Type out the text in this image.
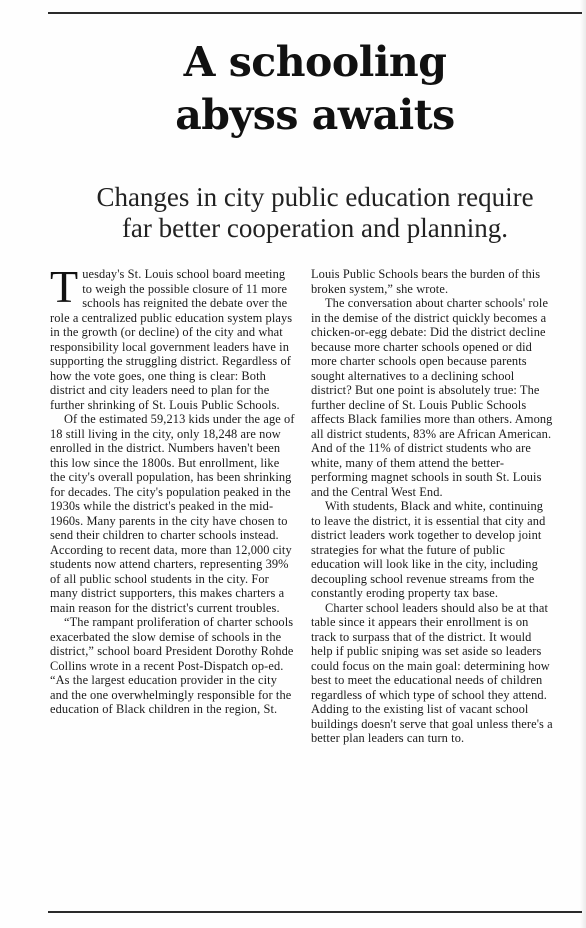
A schooling
abyss awaits
Changes in city public education require
far better cooperation and planning.

Tuesday's St. Louis school board meeting to weigh the possible closure of 11 more schools has reignited the debate over the role a centralized public education system plays in the growth (or decline) of the city and what responsibility local government leaders have in supporting the struggling district. Regardless of how the vote goes, one thing is clear: Both district and city leaders need to plan for the further shrinking of St. Louis Public Schools.

Of the estimated 59,213 kids under the age of 18 still living in the city, only 18,248 are now enrolled in the district. Numbers haven't been this low since the 1800s. But enrollment, like the city's overall population, has been shrinking for decades. The city's population peaked in the 1930s while the district's peaked in the mid-1960s. Many parents in the city have chosen to send their children to charter schools instead. According to recent data, more than 12,000 city students now attend charters, representing 39% of all public school students in the city. For many district supporters, this makes charters a main reason for the district's current troubles.

“The rampant proliferation of charter schools exacerbated the slow demise of schools in the district,” school board President Dorothy Rohde Collins wrote in a recent Post-Dispatch op-ed. “As the largest education provider in the city and the one overwhelmingly responsible for the education of Black children in the region, St.

Louis Public Schools bears the burden of this broken system,” she wrote.

The conversation about charter schools' role in the demise of the district quickly becomes a chicken-or-egg debate: Did the district decline because more charter schools opened or did more charter schools open because parents sought alternatives to a declining school district? But one point is absolutely true: The further decline of St. Louis Public Schools affects Black families more than others. Among all district students, 83% are African American. And of the 11% of district students who are white, many of them attend the better-performing magnet schools in south St. Louis and the Central West End.

With students, Black and white, continuing to leave the district, it is essential that city and district leaders work together to develop joint strategies for what the future of public education will look like in the city, including decoupling school revenue streams from the constantly eroding property tax base.

Charter school leaders should also be at that table since it appears their enrollment is on track to surpass that of the district. It would help if public sniping was set aside so leaders could focus on the main goal: determining how best to meet the educational needs of children regardless of which type of school they attend. Adding to the existing list of vacant school buildings doesn't serve that goal unless there's a better plan leaders can turn to.
